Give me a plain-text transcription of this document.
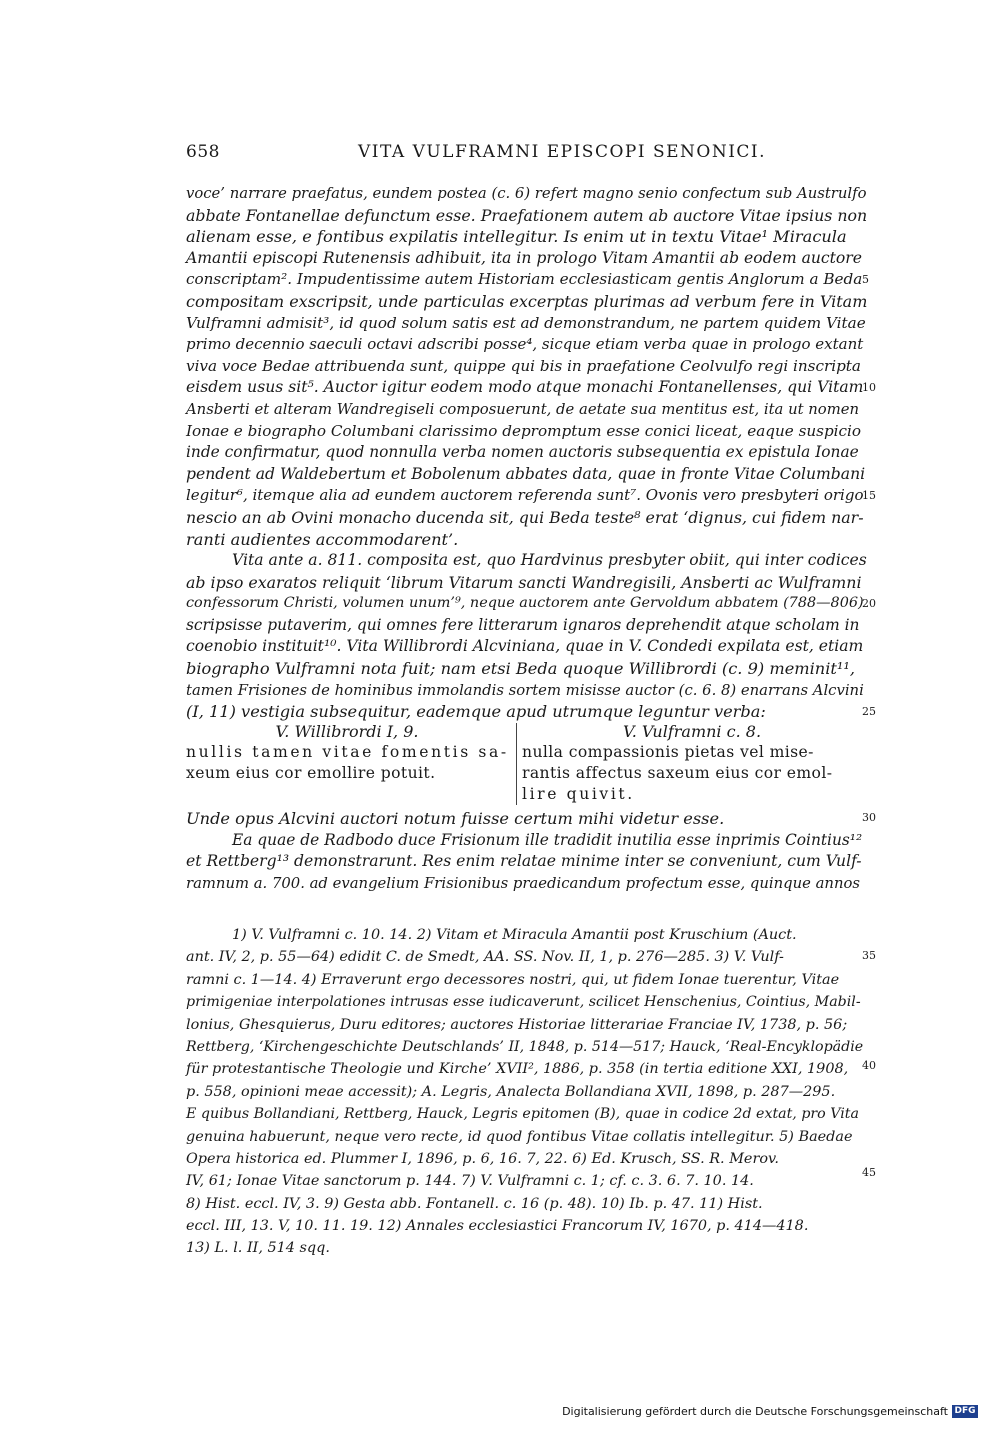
658	VITA VULFRAMNI EPISCOPI SENONICI.
voce’ narrare praefatus, eundem postea (c. 6) refert magno senio confectum sub Austrulfo
abbate Fontanellae defunctum esse. Praefationem autem ab auctore Vitae ipsius non
alienam esse, e fontibus expilatis intellegitur. Is enim ut in textu Vitae¹ Miracula
Amantii episcopi Rutenensis adhibuit, ita in prologo Vitam Amantii ab eodem auctore
conscriptam². Impudentissime autem Historiam ecclesiasticam gentis Anglorum a Beda
compositam exscripsit, unde particulas excerptas plurimas ad verbum fere in Vitam
Vulframni admisit³, id quod solum satis est ad demonstrandum, ne partem quidem Vitae
primo decennio saeculi octavi adscribi posse⁴, sicque etiam verba quae in prologo extant
viva voce Bedae attribuenda sunt, quippe qui bis in praefatione Ceolvulfo regi inscripta
eisdem usus sit⁵. Auctor igitur eodem modo atque monachi Fontanellenses, qui Vitam
Ansberti et alteram Wandregiseli composuerunt, de aetate sua mentitus est, ita ut nomen
Ionae e biographo Columbani clarissimo depromptum esse conici liceat, eaque suspicio
inde confirmatur, quod nonnulla verba nomen auctoris subsequentia ex epistula Ionae
pendent ad Waldebertum et Bobolenum abbates data, quae in fronte Vitae Columbani
legitur⁶, itemque alia ad eundem auctorem referenda sunt⁷. Ovonis vero presbyteri origo
nescio an ab Ovini monacho ducenda sit, qui Beda teste⁸ erat ‘dignus, cui fidem nar-
ranti audientes accommodarent’.
Vita ante a. 811. composita est, quo Hardvinus presbyter obiit, qui inter codices
ab ipso exaratos reliquit ‘librum Vitarum sancti Wandregisili, Ansberti ac Wulframni
confessorum Christi, volumen unum’⁹, neque auctorem ante Gervoldum abbatem (788—806)
scripsisse putaverim, qui omnes fere litterarum ignaros deprehendit atque scholam in
coenobio instituit¹⁰. Vita Willibrordi Alcviniana, quae in V. Condedi expilata est, etiam
biographo Vulframni nota fuit; nam etsi Beda quoque Willibrordi (c. 9) meminit¹¹,
tamen Frisiones de hominibus immolandis sortem misisse auctor (c. 6. 8) enarrans Alcvini
(I, 11) vestigia subsequitur, eademque apud utrumque leguntur verba:
V. Willibrordi I, 9.
nullis tamen vitae fomentis sa-
xeum eius cor emollire potuit.
V. Vulframni c. 8.
nulla compassionis pietas vel mise-
rantis affectus saxeum eius cor emol-
lire quivit.
Unde opus Alcvini auctori notum fuisse certum mihi videtur esse.
Ea quae de Radbodo duce Frisionum ille tradidit inutilia esse inprimis Cointius¹²
et Rettberg¹³ demonstrarunt. Res enim relatae minime inter se conveniunt, cum Vulf-
ramnum a. 700. ad evangelium Frisionibus praedicandum profectum esse, quinque annos
5
10
15
20
25
30
35
40
45
1) V. Vulframni c. 10. 14. 2) Vitam et Miracula Amantii post Kruschium (Auct.
ant. IV, 2, p. 55—64) edidit C. de Smedt, AA. SS. Nov. II, 1, p. 276—285. 3) V. Vulf-
ramni c. 1—14. 4) Erraverunt ergo decessores nostri, qui, ut fidem Ionae tuerentur, Vitae
primigeniae interpolationes intrusas esse iudicaverunt, scilicet Henschenius, Cointius, Mabil-
lonius, Ghesquierus, Duru editores; auctores Historiae litterariae Franciae IV, 1738, p. 56;
Rettberg, ‘Kirchengeschichte Deutschlands’ II, 1848, p. 514—517; Hauck, ‘Real-Encyklopädie
für protestantische Theologie und Kirche’ XVII², 1886, p. 358 (in tertia editione XXI, 1908,
p. 558, opinioni meae accessit); A. Legris, Analecta Bollandiana XVII, 1898, p. 287—295.
E quibus Bollandiani, Rettberg, Hauck, Legris epitomen (B), quae in codice 2d extat, pro Vita
genuina habuerunt, neque vero recte, id quod fontibus Vitae collatis intellegitur. 5) Baedae
Opera historica ed. Plummer I, 1896, p. 6, 16. 7, 22. 6) Ed. Krusch, SS. R. Merov.
IV, 61; Ionae Vitae sanctorum p. 144. 7) V. Vulframni c. 1; cf. c. 3. 6. 7. 10. 14.
8) Hist. eccl. IV, 3. 9) Gesta abb. Fontanell. c. 16 (p. 48). 10) Ib. p. 47. 11) Hist.
eccl. III, 13. V, 10. 11. 19. 12) Annales ecclesiastici Francorum IV, 1670, p. 414—418.
13) L. l. II, 514 sqq.
Digitalisierung gefördert durch die Deutsche Forschungsgemeinschaft DFG
